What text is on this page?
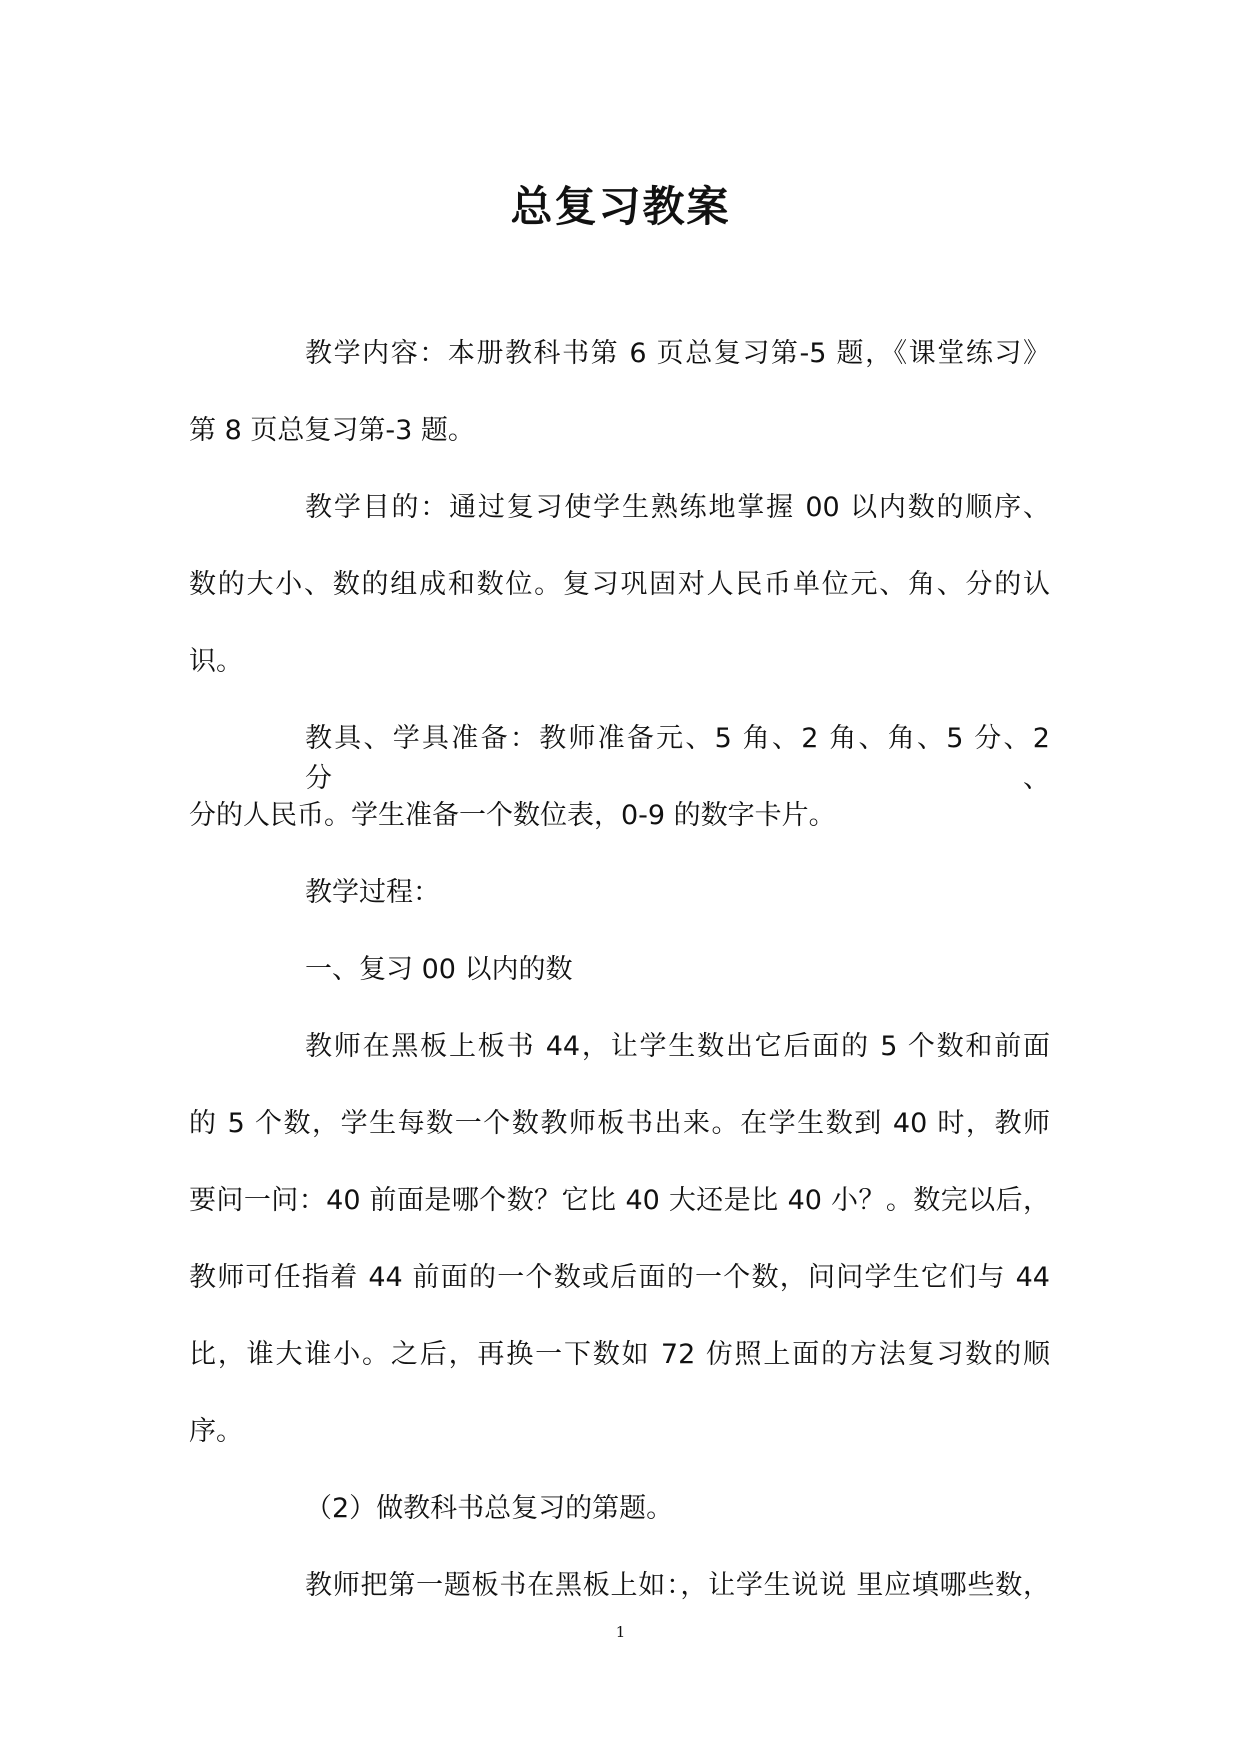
总复习教案
教学内容：本册教科书第 6 页总复习第-5 题，《课堂练习》
第 8 页总复习第-3 题。
教学目的：通过复习使学生熟练地掌握 00 以内数的顺序、
数的大小、数的组成和数位。复习巩固对人民币单位元、角、分的认
识。
教具、学具准备：教师准备元、5 角、2 角、角、5 分、2 分、
分的人民币。学生准备一个数位表，0-9 的数字卡片。
教学过程：
一、复习 00 以内的数
教师在黑板上板书 44，让学生数出它后面的 5 个数和前面
的 5 个数，学生每数一个数教师板书出来。在学生数到 40 时，教师
要问一问：40 前面是哪个数？它比 40 大还是比 40 小？。数完以后，
教师可任指着 44 前面的一个数或后面的一个数，问问学生它们与 44
比，谁大谁小。之后，再换一下数如 72 仿照上面的方法复习数的顺
序。
（2）做教科书总复习的第题。
教师把第一题板书在黑板上如：，让学生说说 里应填哪些数，
1
